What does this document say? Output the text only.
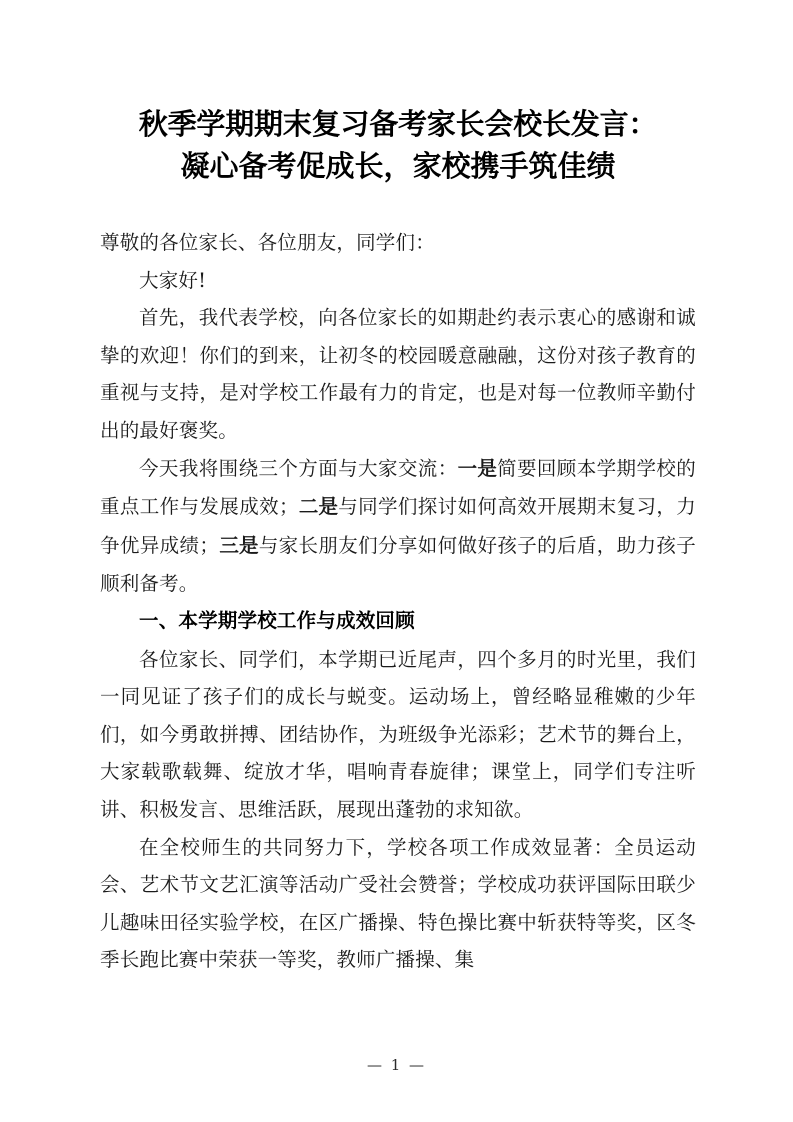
秋季学期期末复习备考家长会校长发言：
凝心备考促成长，家校携手筑佳绩

尊敬的各位家长、各位朋友，同学们：

大家好!

首先，我代表学校，向各位家长的如期赴约表示衷心的感谢和诚挚的欢迎！你们的到来，让初冬的校园暖意融融，这份对孩子教育的重视与支持，是对学校工作最有力的肯定，也是对每一位教师辛勤付出的最好褒奖。

今天我将围绕三个方面与大家交流：一是简要回顾本学期学校的重点工作与发展成效；二是与同学们探讨如何高效开展期末复习，力争优异成绩；三是与家长朋友们分享如何做好孩子的后盾，助力孩子顺利备考。

一、本学期学校工作与成效回顾

各位家长、同学们，本学期已近尾声，四个多月的时光里，我们一同见证了孩子们的成长与蜕变。运动场上，曾经略显稚嫩的少年们，如今勇敢拼搏、团结协作，为班级争光添彩；艺术节的舞台上，大家载歌载舞、绽放才华，唱响青春旋律；课堂上，同学们专注听讲、积极发言、思维活跃，展现出蓬勃的求知欲。

在全校师生的共同努力下，学校各项工作成效显著：全员运动会、艺术节文艺汇演等活动广受社会赞誉；学校成功获评国际田联少儿趣味田径实验学校，在区广播操、特色操比赛中斩获特等奖，区冬季长跑比赛中荣获一等奖，教师广播操、集

— 1 —
